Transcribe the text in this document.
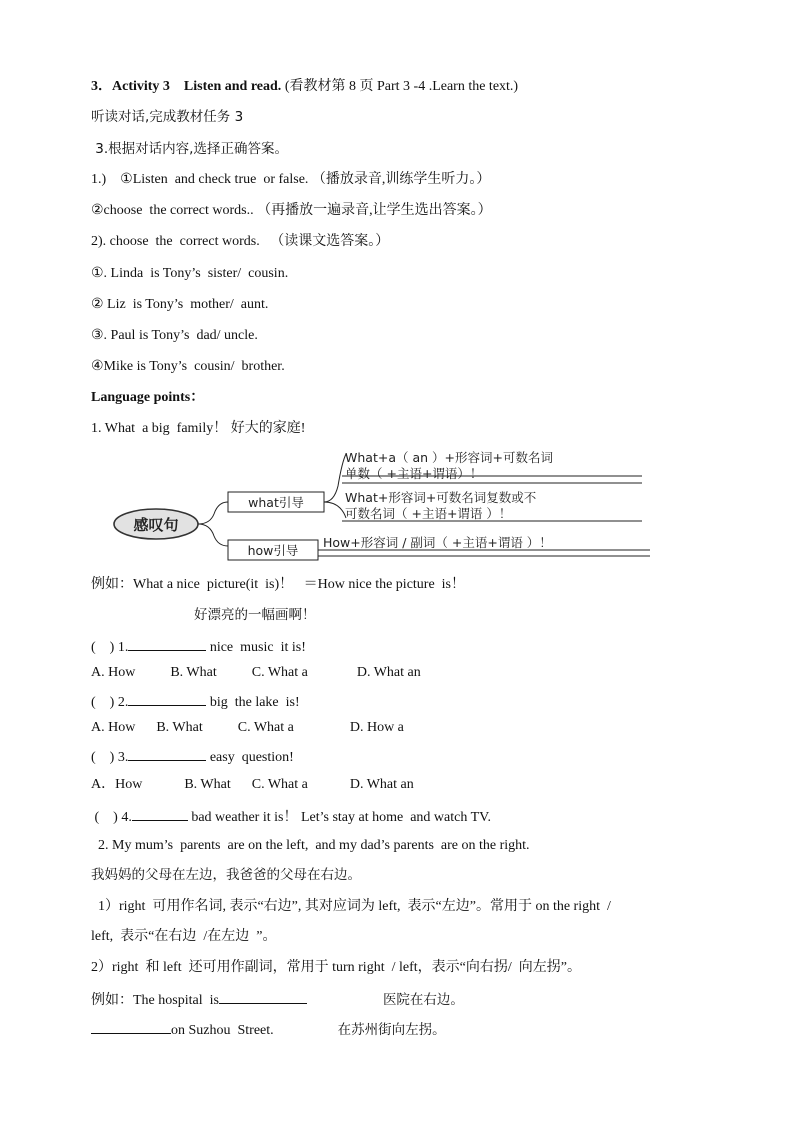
3．Activity 3    Listen and read. (看教材第 8 页 Part 3 -4 .Learn the text.)
听读对话,完成教材任务 3
3.根据对话内容,选择正确答案。
1.)    ①Listen  and check true  or false. （播放录音,训练学生听力。）
②choose  the correct words.. （再播放一遍录音,让学生选出答案。）
2). choose  the  correct words.   （读课文选答案。）
①. Linda  is Tony’s  sister/  cousin.
② Liz  is Tony’s  mother/  aunt.
③. Paul is Tony’s  dad/ uncle.
④Mike is Tony’s  cousin/  brother.
Language points：
1. What  a big  family！ 好大的家庭!
感叹句
what引导
how引导
What+a（ an ）+形容词+可数名词
单数（ +主语+谓语）！
What+形容词+可数名词复数或不
可数名词（ +主语+谓语 ）！
How+形容词 / 副词（ +主语+谓语 ）！
例如：What a nice  picture(it  is)！   ＝How nice the picture  is！
好漂亮的一幅画啊！
(    ) 1.	nice  music  it is!
A. How          B. What          C. What a              D. What an
(    ) 2.	big  the lake  is!
A. How      B. What          C. What a                D. How a
(    ) 3.	easy  question!
A．How            B. What      C. What a            D. What an
(    ) 4.	bad weather it is！ Let’s stay at home  and watch TV.
2. My mum’s  parents  are on the left,  and my dad’s parents  are on the right.
我妈妈的父母在左边，我爸爸的父母在右边。
1）right  可用作名词, 表示“右边”, 其对应词为 left,  表示“左边”。常用于 on the right  /
left,  表示“在右边  /在左边  ”。
2）right  和 left  还可用作副词，常用于 turn right  / left，表示“向右拐/  向左拐”。
例如：The hospital  is	医院在右边。
on Suzhou  Street.	在苏州街向左拐。
